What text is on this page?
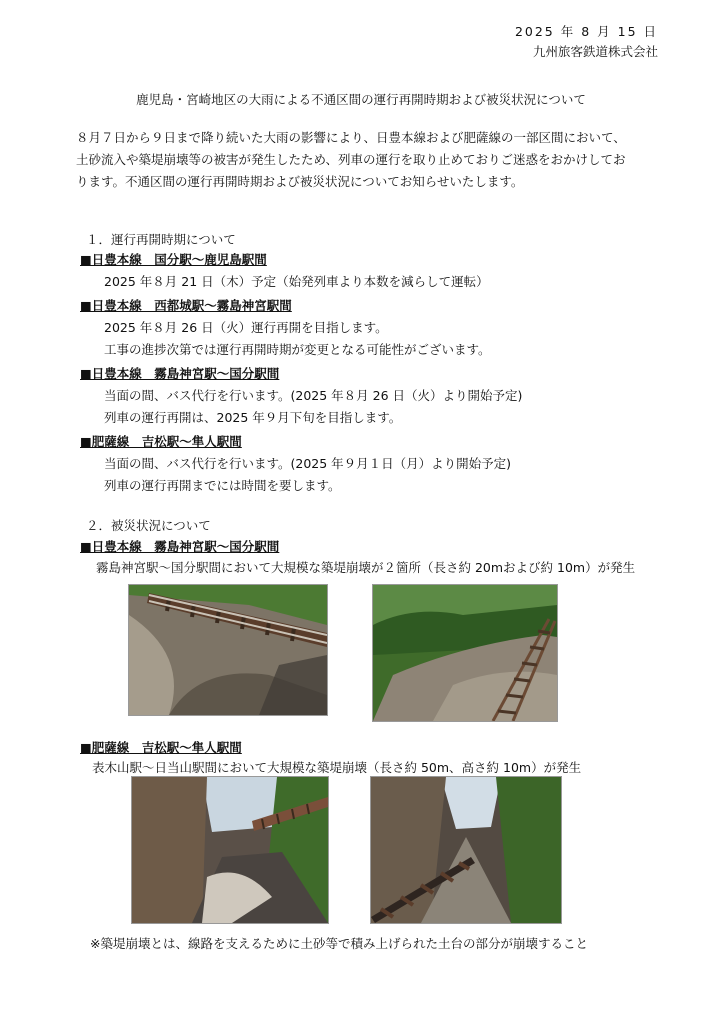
2025 年 8 月 15 日
九州旅客鉄道株式会社
鹿児島・宮崎地区の大雨による不通区間の運行再開時期および被災状況について

８月７日から９日まで降り続いた大雨の影響により、日豊本線および肥薩線の一部区間において、

土砂流入や築堤崩壊等の被害が発生したため、列車の運行を取り止めておりご迷惑をおかけしてお

ります。不通区間の運行再開時期および被災状況についてお知らせいたします。

１．運行再開時期について
■日豊本線　国分駅～鹿児島駅間
2025 年８月 21 日（木）予定（始発列車より本数を減らして運転）
■日豊本線　西都城駅～霧島神宮駅間
2025 年８月 26 日（火）運行再開を目指します。
工事の進捗次第では運行再開時期が変更となる可能性がございます。
■日豊本線　霧島神宮駅～国分駅間
当面の間、バス代行を行います。(2025 年８月 26 日（火）より開始予定)
列車の運行再開は、2025 年９月下旬を目指します。
■肥薩線　吉松駅～隼人駅間
当面の間、バス代行を行います。(2025 年９月１日（月）より開始予定)
列車の運行再開までには時間を要します。
２．被災状況について
■日豊本線　霧島神宮駅～国分駅間
霧島神宮駅～国分駅間において大規模な築堤崩壊が２箇所（長さ約 20mおよび約 10m）が発生
■肥薩線　吉松駅～隼人駅間
表木山駅～日当山駅間において大規模な築堤崩壊（長さ約 50m、高さ約 10m）が発生
※築堤崩壊とは、線路を支えるために土砂等で積み上げられた土台の部分が崩壊すること
